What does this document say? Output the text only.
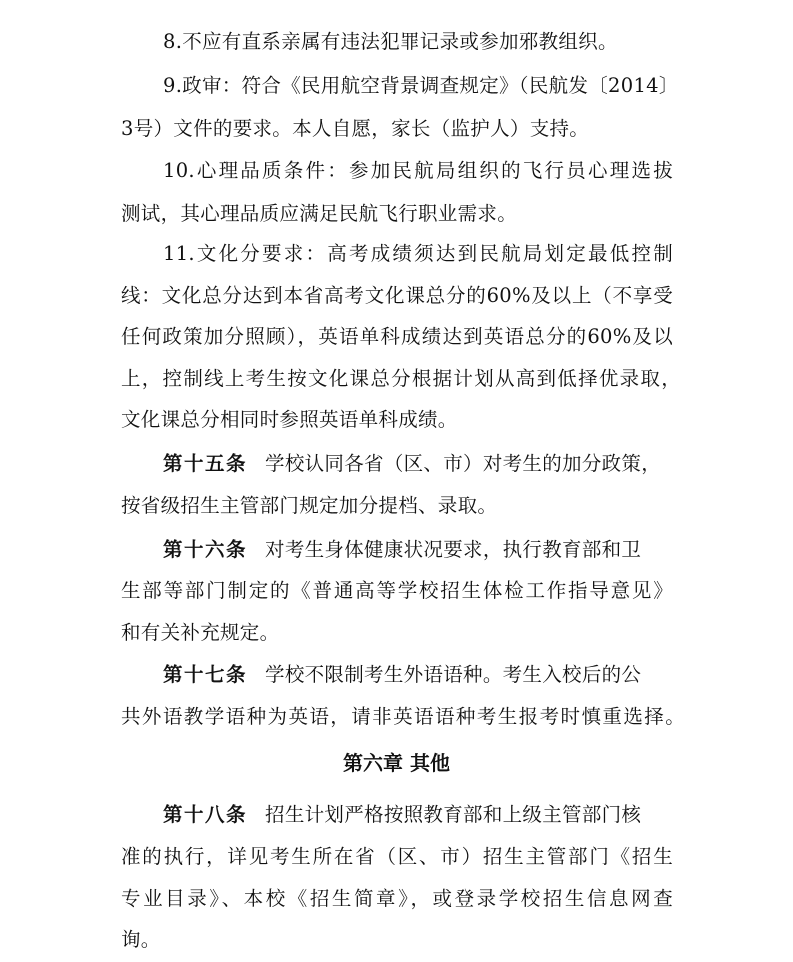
8.不应有直系亲属有违法犯罪记录或参加邪教组织。
9.政审：符合《民用航空背景调查规定》（民航发〔2014〕
3号）文件的要求。本人自愿，家长（监护人）支持。
10.心理品质条件：参加民航局组织的飞行员心理选拔
测试，其心理品质应满足民航飞行职业需求。
11.文化分要求：高考成绩须达到民航局划定最低控制
线：文化总分达到本省高考文化课总分的60%及以上（不享受
任何政策加分照顾），英语单科成绩达到英语总分的60%及以
上，控制线上考生按文化课总分根据计划从高到低择优录取，
文化课总分相同时参照英语单科成绩。
第十五条 学校认同各省（区、市）对考生的加分政策，
按省级招生主管部门规定加分提档、录取。
第十六条 对考生身体健康状况要求，执行教育部和卫
生部等部门制定的《普通高等学校招生体检工作指导意见》
和有关补充规定。
第十七条 学校不限制考生外语语种。考生入校后的公
共外语教学语种为英语，请非英语语种考生报考时慎重选择。
第六章 其他
第十八条 招生计划严格按照教育部和上级主管部门核
准的执行，详见考生所在省（区、市）招生主管部门《招生
专业目录》、本校《招生简章》，或登录学校招生信息网查
询。
